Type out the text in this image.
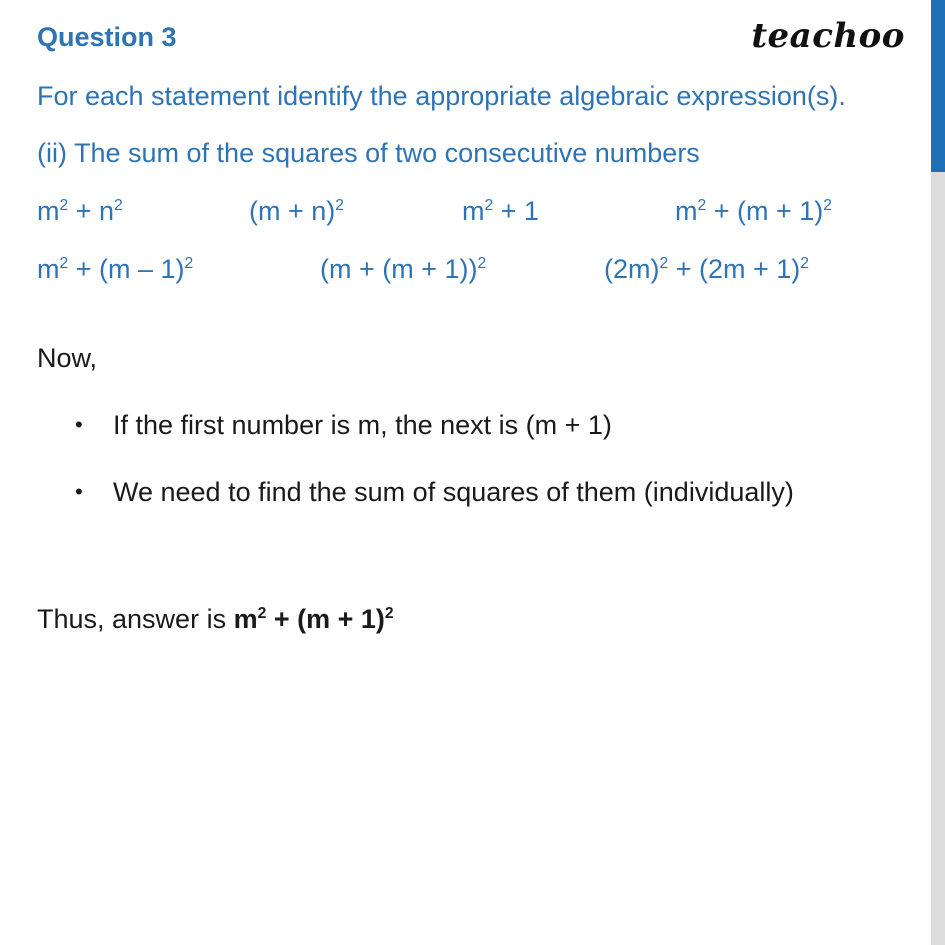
Question 3	teachoo

For each statement identify the appropriate algebraic expression(s).

(ii) The sum of the squares of two consecutive numbers

$m^2 + n^2$	$(m + n)^2$	$m^2 + 1$	$m^2 + (m + 1)^2$
$m^2 + (m - 1)^2$	$(m + (m + 1))^2$	$(2m)^2 + (2m + 1)^2$

Now,

• If the first number is m, the next is (m + 1)
• We need to find the sum of squares of them (individually)

Thus, answer is $m^2 + (m + 1)^2$
